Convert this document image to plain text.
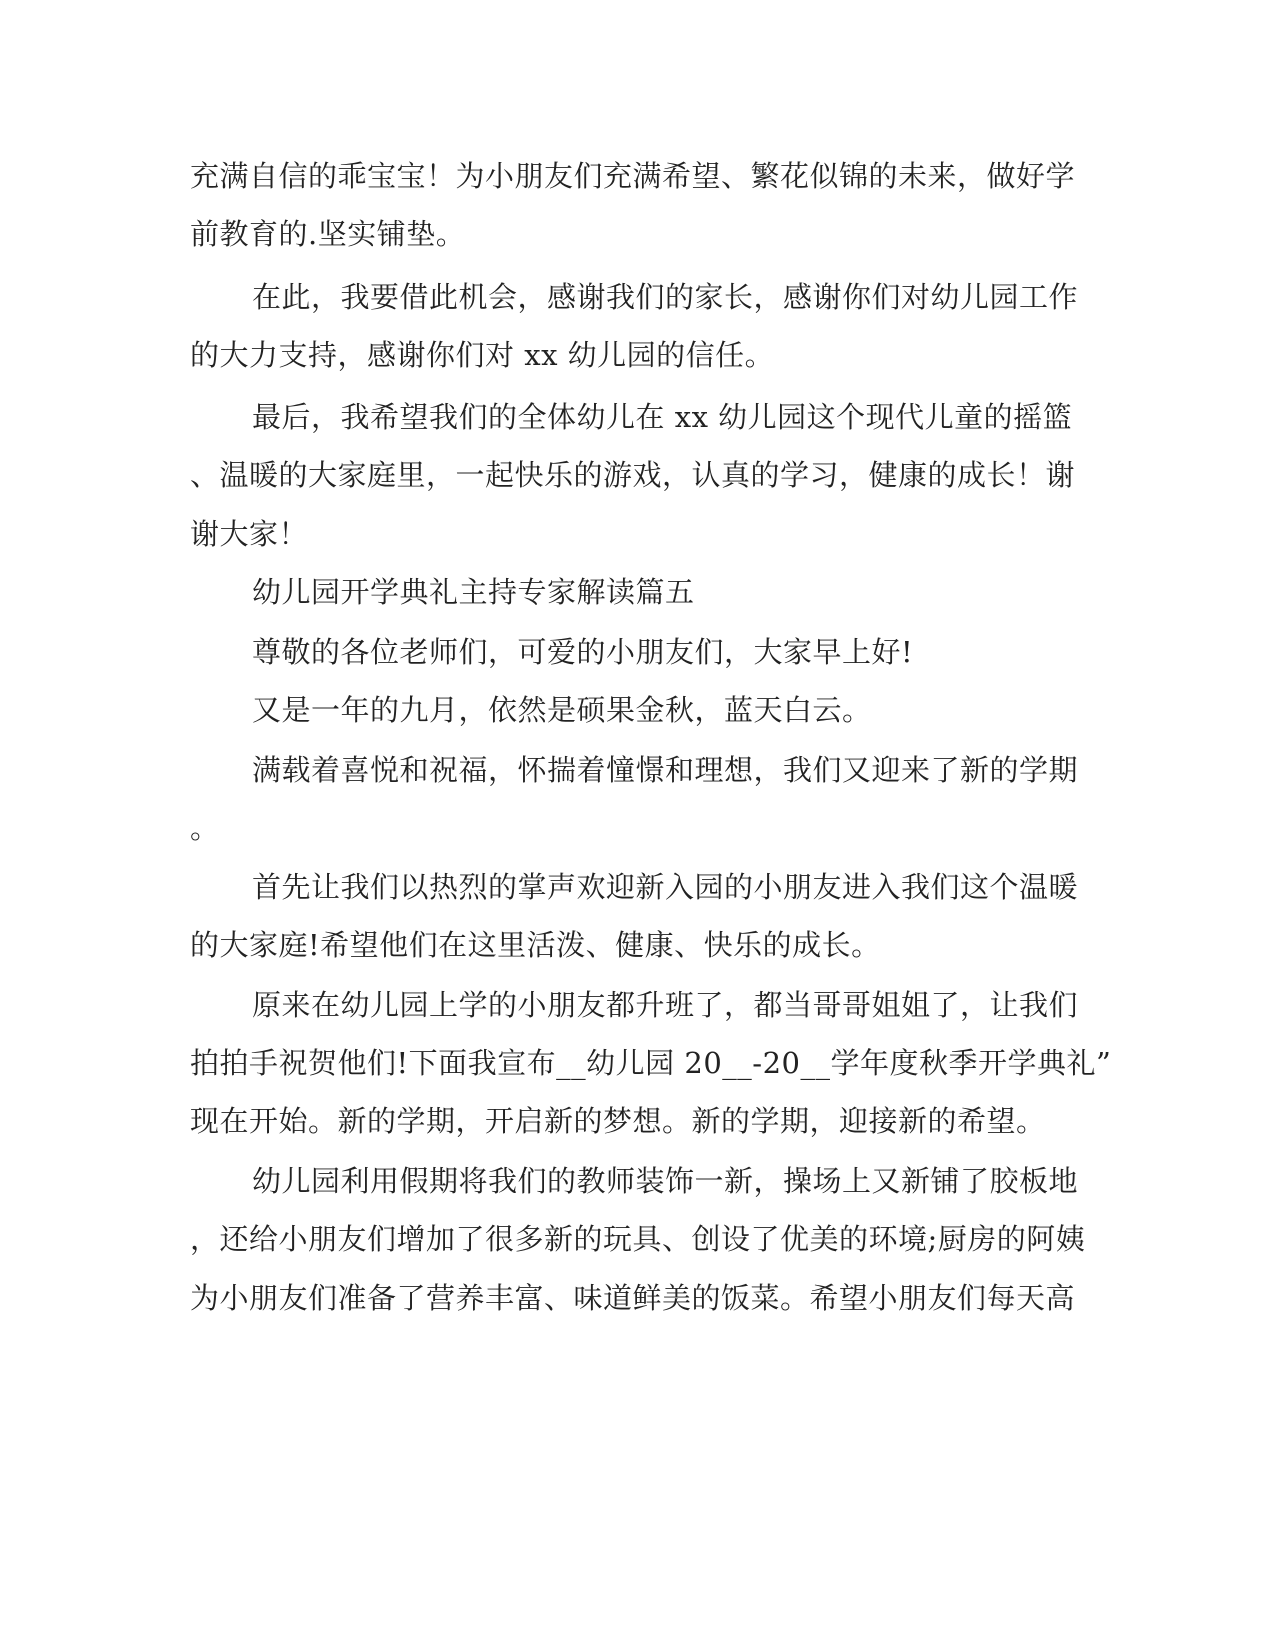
充满自信的乖宝宝！为小朋友们充满希望、繁花似锦的未来，做好学
前教育的.坚实铺垫。
在此，我要借此机会，感谢我们的家长，感谢你们对幼儿园工作
的大力支持，感谢你们对 xx 幼儿园的信任。
最后，我希望我们的全体幼儿在 xx 幼儿园这个现代儿童的摇篮
、温暖的大家庭里，一起快乐的游戏，认真的学习，健康的成长！谢
谢大家！
幼儿园开学典礼主持专家解读篇五
尊敬的各位老师们，可爱的小朋友们，大家早上好!
又是一年的九月，依然是硕果金秋，蓝天白云。
满载着喜悦和祝福，怀揣着憧憬和理想，我们又迎来了新的学期
。
首先让我们以热烈的掌声欢迎新入园的小朋友进入我们这个温暖
的大家庭!希望他们在这里活泼、健康、快乐的成长。
原来在幼儿园上学的小朋友都升班了，都当哥哥姐姐了，让我们
拍拍手祝贺他们!下面我宣布__幼儿园 20__-20__学年度秋季开学典礼”
现在开始。新的学期，开启新的梦想。新的学期，迎接新的希望。
幼儿园利用假期将我们的教师装饰一新，操场上又新铺了胶板地
，还给小朋友们增加了很多新的玩具、创设了优美的环境;厨房的阿姨
为小朋友们准备了营养丰富、味道鲜美的饭菜。希望小朋友们每天高
